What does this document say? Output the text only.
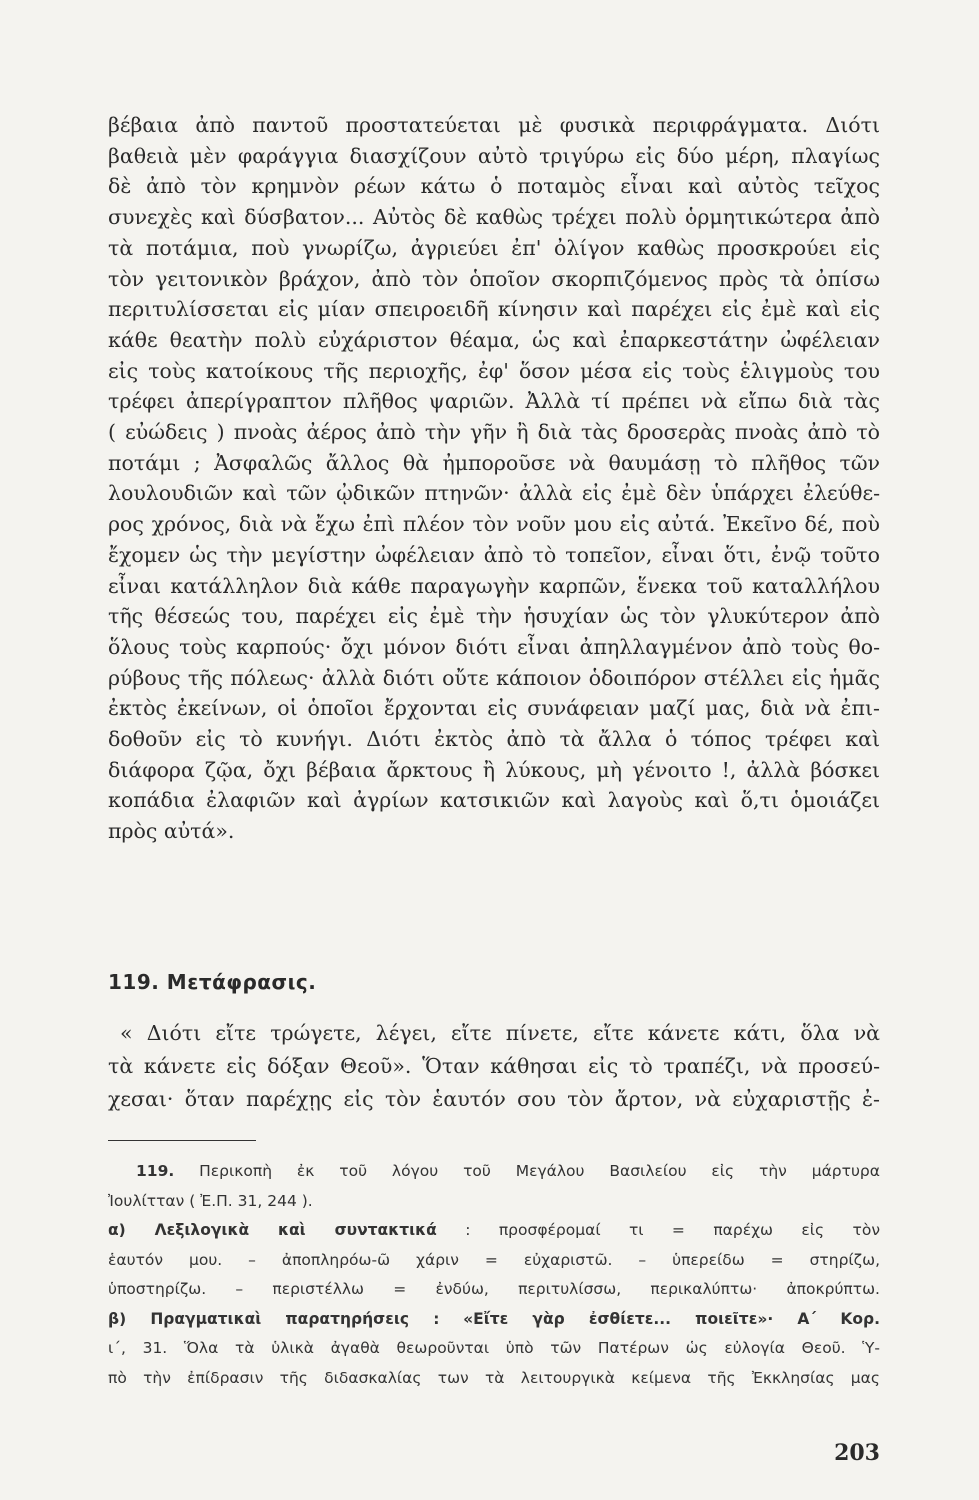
βέβαια ἀπὸ παντοῦ προστατεύεται μὲ φυσικὰ περιφράγματα. Διότι
βαθειὰ μὲν φαράγγια διασχίζουν αὐτὸ τριγύρω εἰς δύο μέρη, πλαγίως
δὲ ἀπὸ τὸν κρημνὸν ρέων κάτω ὁ ποταμὸς εἶναι καὶ αὐτὸς τεῖχος
συνεχὲς καὶ δύσβατον... Αὐτὸς δὲ καθὼς τρέχει πολὺ ὁρμητικώτερα ἀπὸ
τὰ ποτάμια, ποὺ γνωρίζω, ἀγριεύει ἐπ' ὀλίγον καθὼς προσκρούει εἰς
τὸν γειτονικὸν βράχον, ἀπὸ τὸν ὁποῖον σκορπιζόμενος πρὸς τὰ ὀπίσω
περιτυλίσσεται εἰς μίαν σπειροειδῆ κίνησιν καὶ παρέχει εἰς ἐμὲ καὶ εἰς
κάθε θεατὴν πολὺ εὐχάριστον θέαμα, ὡς καὶ ἐπαρκεστάτην ὠφέλειαν
εἰς τοὺς κατοίκους τῆς περιοχῆς, ἐφ' ὅσον μέσα εἰς τοὺς ἑλιγμοὺς του
τρέφει ἀπερίγραπτον πλῆθος ψαριῶν. Ἀλλὰ τί πρέπει νὰ εἴπω διὰ τὰς
( εὐώδεις ) πνοὰς ἀέρος ἀπὸ τὴν γῆν ἢ διὰ τὰς δροσερὰς πνοὰς ἀπὸ τὸ
ποτάμι ; Ἀσφαλῶς ἄλλος θὰ ἠμποροῦσε νὰ θαυμάσῃ τὸ πλῆθος τῶν
λουλουδιῶν καὶ τῶν ᾠδικῶν πτηνῶν· ἀλλὰ εἰς ἐμὲ δὲν ὑπάρχει ἐλεύθε-
ρος χρόνος, διὰ νὰ ἔχω ἐπὶ πλέον τὸν νοῦν μου εἰς αὐτά. Ἐκεῖνο δέ, ποὺ
ἔχομεν ὡς τὴν μεγίστην ὠφέλειαν ἀπὸ τὸ τοπεῖον, εἶναι ὅτι, ἐνῷ τοῦτο
εἶναι κατάλληλον διὰ κάθε παραγωγὴν καρπῶν, ἕνεκα τοῦ καταλλήλου
τῆς θέσεώς του, παρέχει εἰς ἐμὲ τὴν ἡσυχίαν ὡς τὸν γλυκύτερον ἀπὸ
ὅλους τοὺς καρπούς· ὄχι μόνον διότι εἶναι ἀπηλλαγμένον ἀπὸ τοὺς θο-
ρύβους τῆς πόλεως· ἀλλὰ διότι οὔτε κάποιον ὁδοιπόρον στέλλει εἰς ἡμᾶς
ἐκτὸς ἐκείνων, οἱ ὁποῖοι ἔρχονται εἰς συνάφειαν μαζί μας, διὰ νὰ ἐπι-
δοθοῦν εἰς τὸ κυνήγι. Διότι ἐκτὸς ἀπὸ τὰ ἄλλα ὁ τόπος τρέφει καὶ
διάφορα ζῷα, ὄχι βέβαια ἄρκτους ἢ λύκους, μὴ γένοιτο !, ἀλλὰ βόσκει
κοπάδια ἐλαφιῶν καὶ ἀγρίων κατσικιῶν καὶ λαγοὺς καὶ ὅ,τι ὁμοιάζει
πρὸς αὐτά».
119. Μετάφρασις.
« Διότι εἴτε τρώγετε, λέγει, εἴτε πίνετε, εἴτε κάνετε κάτι, ὅλα νὰ
τὰ κάνετε εἰς δόξαν Θεοῦ». Ὅταν κάθησαι εἰς τὸ τραπέζι, νὰ προσεύ-
χεσαι· ὅταν παρέχῃς εἰς τὸν ἑαυτόν σου τὸν ἄρτον, νὰ εὐχαριστῇς ἐ-
119. Περικοπὴ ἐκ τοῦ λόγου τοῦ Μεγάλου Βασιλείου εἰς τὴν μάρτυρα
Ἰουλίτταν ( Ἐ.Π. 31, 244 ).
α) Λεξιλογικὰ καὶ συντακτικά : προσφέρομαί τι = παρέχω εἰς τὸν
ἑαυτόν μου. – ἀποπληρόω-ῶ χάριν = εὐχαριστῶ. – ὑπερείδω = στηρίζω,
ὑποστηρίζω. – περιστέλλω = ἐνδύω, περιτυλίσσω, περικαλύπτω· ἀποκρύπτω.
β) Πραγματικαὶ παρατηρήσεις : «Εἴτε γὰρ ἐσθίετε... ποιεῖτε»· Α΄ Κορ.
ι΄, 31. Ὅλα τὰ ὑλικὰ ἀγαθὰ θεωροῦνται ὑπὸ τῶν Πατέρων ὡς εὐλογία Θεοῦ. Ὑ-
πὸ τὴν ἐπίδρασιν τῆς διδασκαλίας των τὰ λειτουργικὰ κείμενα τῆς Ἐκκλησίας μας
203
